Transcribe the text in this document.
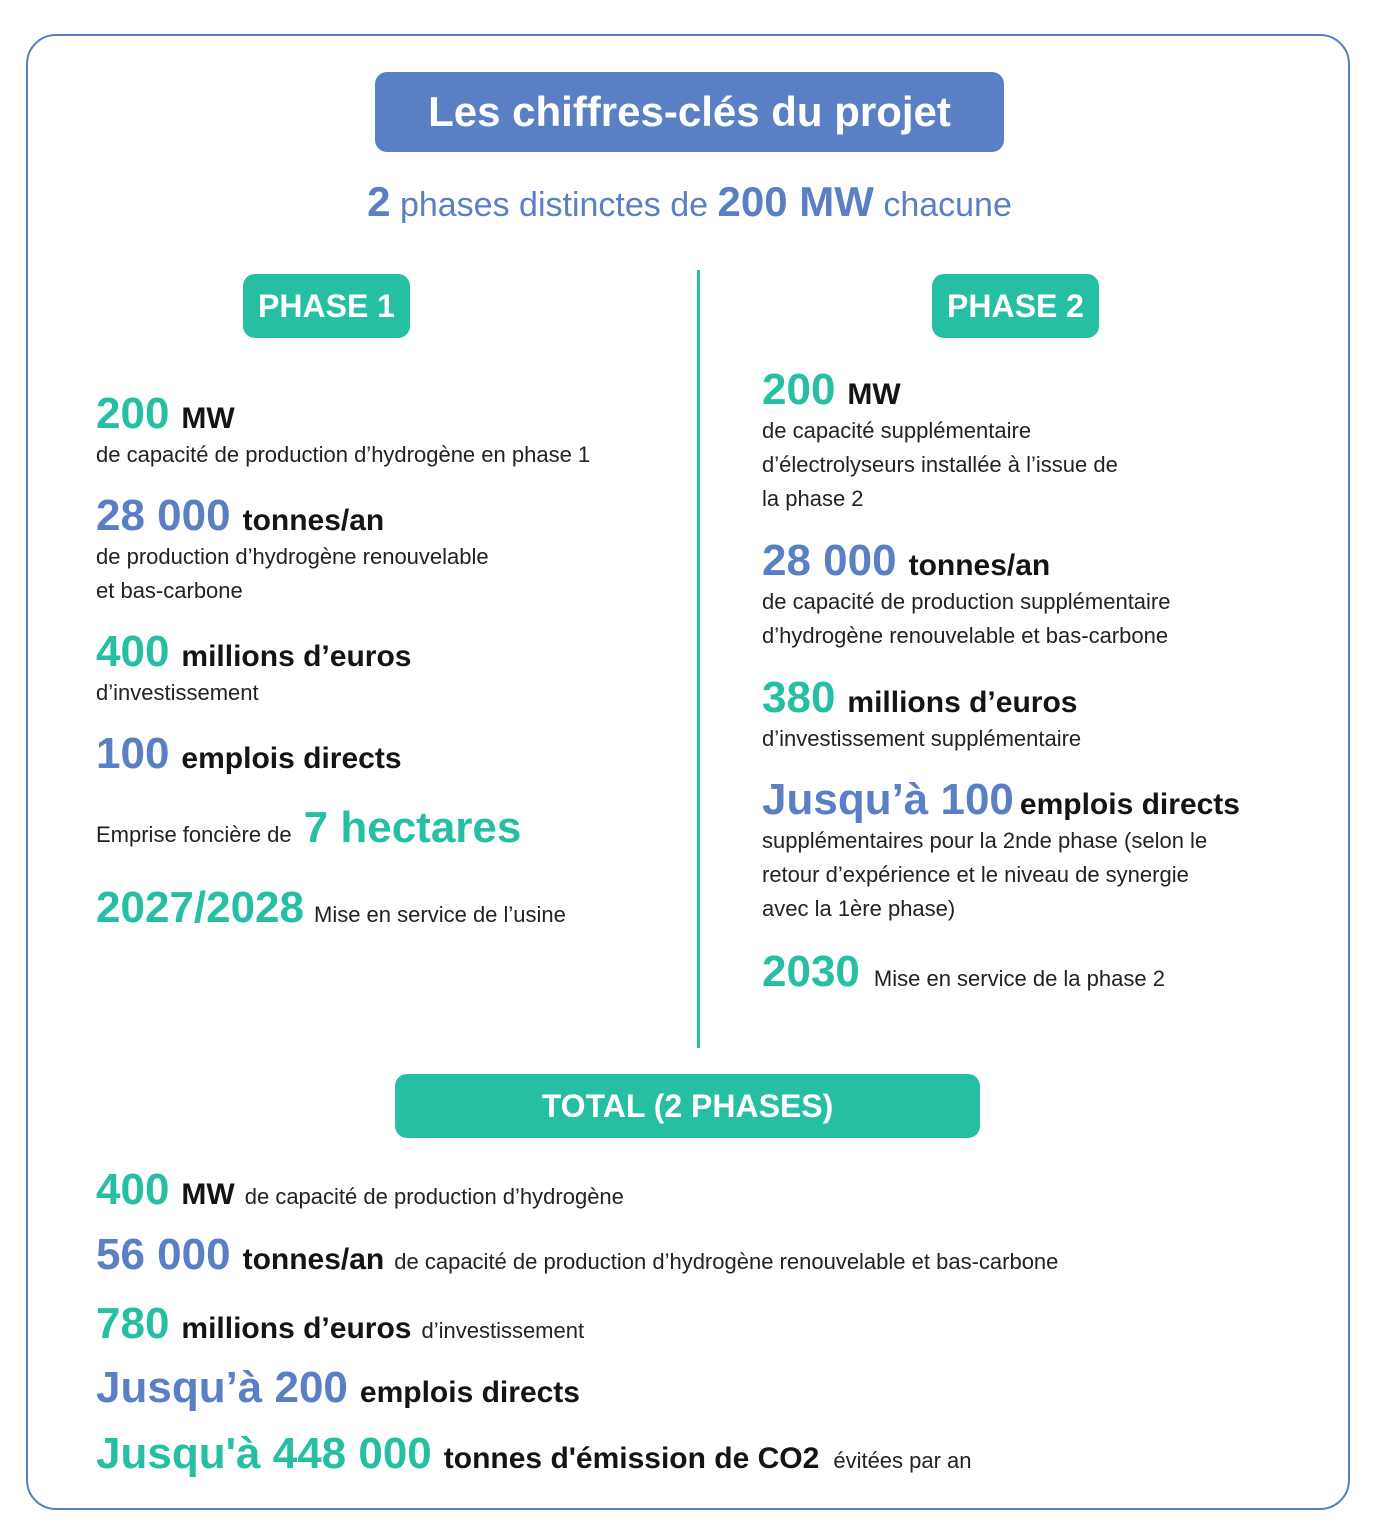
Les chiffres-clés du projet
2 phases distinctes de 200 MW chacune
PHASE 1	PHASE 2
200 MW
de capacité de production d’hydrogène en phase 1
28 000 tonnes/an
de production d’hydrogène renouvelable
et bas-carbone
400 millions d’euros
d’investissement
100 emplois directs
Emprise foncière de 7 hectares
2027/2028 Mise en service de l’usine
200 MW
de capacité supplémentaire
d’électrolyseurs installée à l’issue de
la phase 2
28 000 tonnes/an
de capacité de production supplémentaire
d’hydrogène renouvelable et bas-carbone
380 millions d’euros
d’investissement supplémentaire
Jusqu’à 100 emplois directs
supplémentaires pour la 2nde phase (selon le
retour d’expérience et le niveau de synergie
avec la 1ère phase)
2030 Mise en service de la phase 2
TOTAL (2 PHASES)
400 MW de capacité de production d’hydrogène
56 000 tonnes/an de capacité de production d’hydrogène renouvelable et bas-carbone
780 millions d’euros d’investissement
Jusqu’à 200 emplois directs
Jusqu'à 448 000 tonnes d'émission de CO2 évitées par an
